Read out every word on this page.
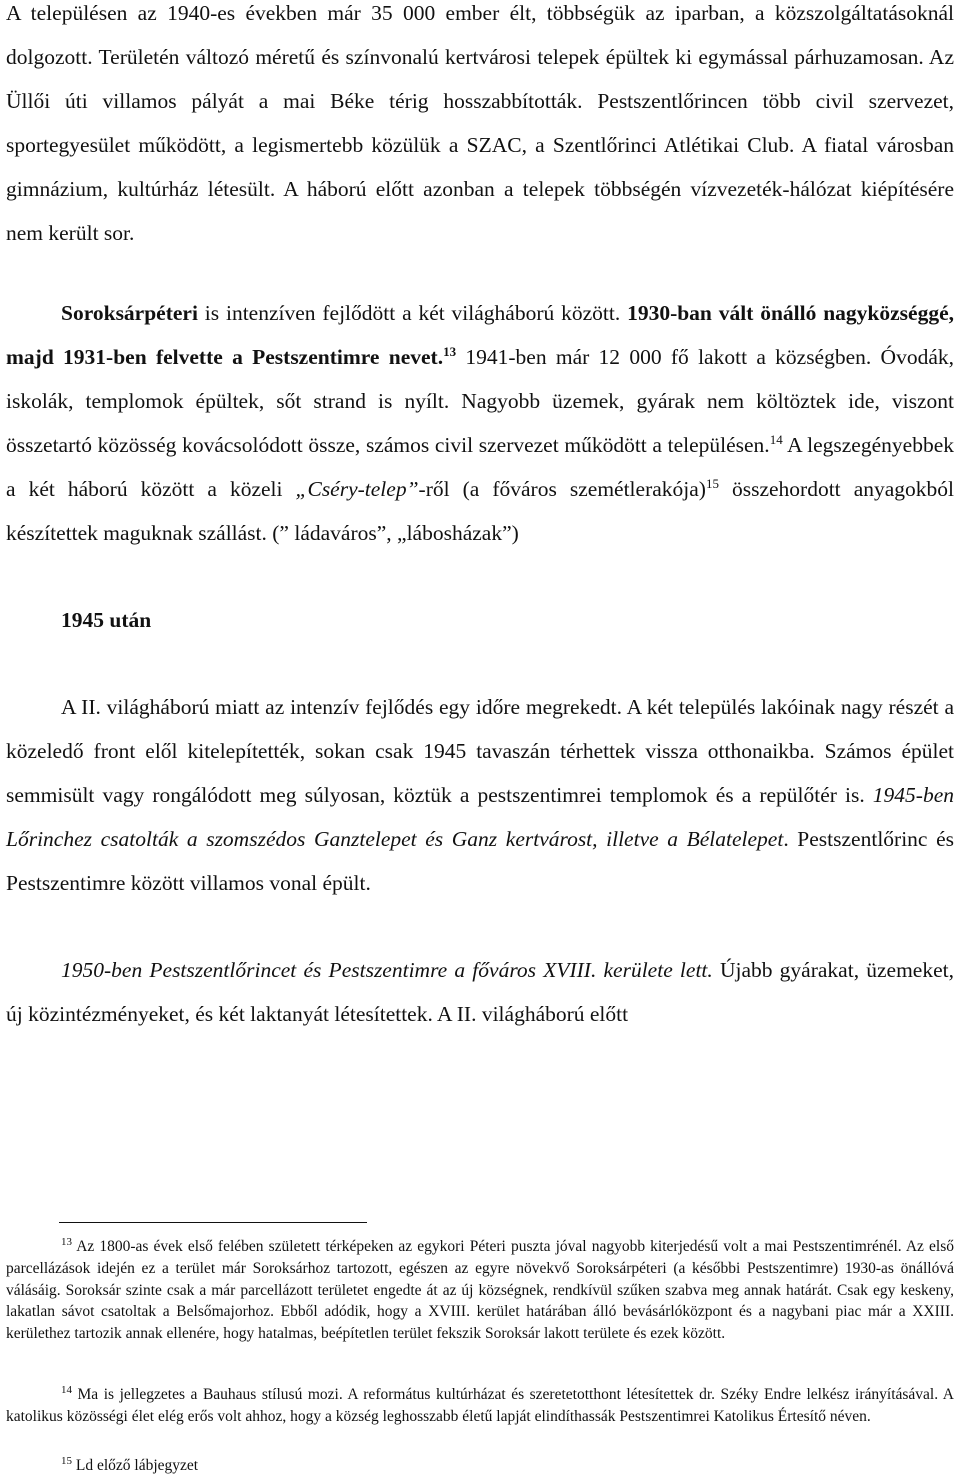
A településen az 1940-es években már 35 000 ember élt, többségük az iparban, a közszolgáltatásoknál dolgozott. Területén változó méretű és színvonalú kertvárosi telepek épültek ki egymással párhuzamosan. Az Üllői úti villamos pályát a mai Béke térig hosszabbították. Pestszentlőrincen több civil szervezet, sportegyesület működött, a legismertebb közülük a SZAC, a Szentlőrinci Atlétikai Club. A fiatal városban gimnázium, kultúrház létesült. A háború előtt azonban a telepek többségén vízvezeték-hálózat kiépítésére nem került sor.

Soroksárpéteri is intenzíven fejlődött a két világháború között. 1930-ban vált önálló nagyközséggé, majd 1931-ben felvette a Pestszentimre nevet.$^{13}$ 1941-ben már 12 000 fő lakott a községben. Óvodák, iskolák, templomok épültek, sőt strand is nyílt. Nagyobb üzemek, gyárak nem költöztek ide, viszont összetartó közösség kovácsolódott össze, számos civil szervezet működött a településen.$^{14}$ A legszegényebbek a két háború között a közeli „Cséry-telep”-ről (a főváros szemétlerakója)$^{15}$ összehordott anyagokból készítettek maguknak szállást. (” ládaváros”, „lábosházak”)

1945 után

A II. világháború miatt az intenzív fejlődés egy időre megrekedt. A két település lakóinak nagy részét a közeledő front elől kitelepítették, sokan csak 1945 tavaszán térhettek vissza otthonaikba. Számos épület semmisült vagy rongálódott meg súlyosan, köztük a pestszentimrei templomok és a repülőtér is. 1945-ben Lőrinchez csatolták a szomszédos Ganztelepet és Ganz kertvárost, illetve a Bélatelepet. Pestszentlőrinc és Pestszentimre között villamos vonal épült.

1950-ben Pestszentlőrincet és Pestszentimre a főváros XVIII. kerülete lett. Újabb gyárakat, üzemeket, új közintézményeket, és két laktanyát létesítettek. A II. világháború előtt

$^{13}$ Az 1800-as évek első felében született térképeken az egykori Péteri puszta jóval nagyobb kiterjedésű volt a mai Pestszentimrénél. Az első parcellázások idején ez a terület már Soroksárhoz tartozott, egészen az egyre növekvő Soroksárpéteri (a későbbi Pestszentimre) 1930-as önállóvá válásáig. Soroksár szinte csak a már parcellázott területet engedte át az új községnek, rendkívül szűken szabva meg annak határát. Csak egy keskeny, lakatlan sávot csatoltak a Belsőmajorhoz. Ebből adódik, hogy a XVIII. kerület határában álló bevásárlóközpont és a nagybani piac már a XXIII. kerülethez tartozik annak ellenére, hogy hatalmas, beépítetlen terület fekszik Soroksár lakott területe és ezek között.

$^{14}$ Ma is jellegzetes a Bauhaus stílusú mozi. A református kultúrházat és szeretetotthont létesítettek dr. Széky Endre lelkész irányításával. A katolikus közösségi élet elég erős volt ahhoz, hogy a község leghosszabb életű lapját elindíthassák Pestszentimrei Katolikus Értesítő néven.

$^{15}$ Ld előző lábjegyzet
